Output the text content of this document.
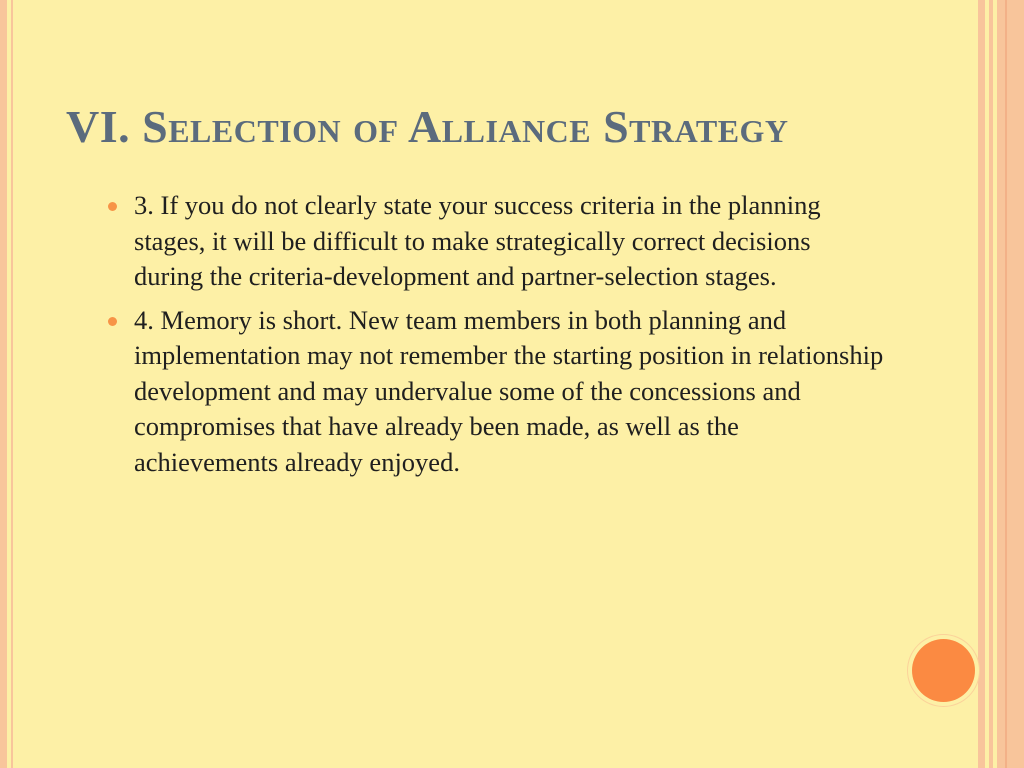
VI. Selection of Alliance Strategy
3. If you do not clearly state your success criteria in the planning stages, it will be difficult to make strategically correct decisions during the criteria-development and partner-selection stages.
4. Memory is short. New team members in both planning and implementation may not remember the starting position in relationship development and may undervalue some of the concessions and compromises that have already been made, as well as the achievements already enjoyed.
